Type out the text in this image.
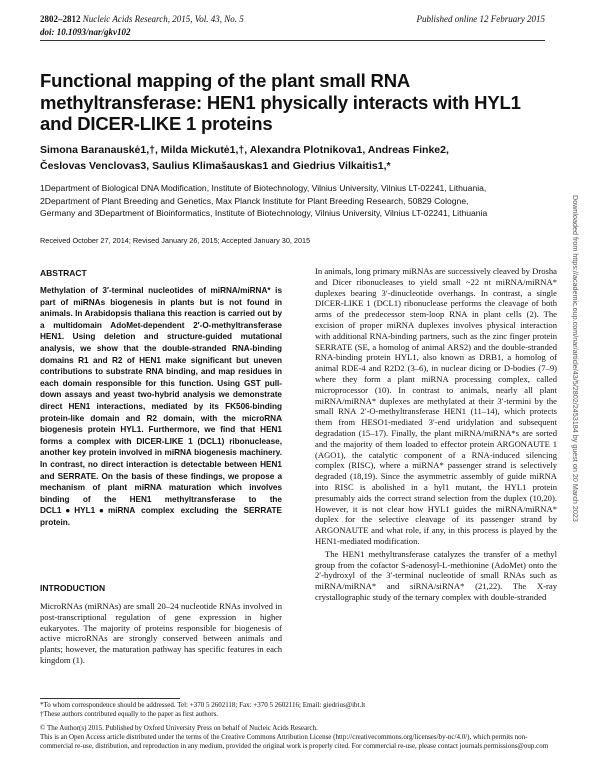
2802–2812 Nucleic Acids Research, 2015, Vol. 43, No. 5	Published online 12 February 2015
doi: 10.1093/nar/gkv102
Functional mapping of the plant small RNA methyltransferase: HEN1 physically interacts with HYL1 and DICER-LIKE 1 proteins
Simona Baranauskė1,†, Milda Mickutė1,†, Alexandra Plotnikova1, Andreas Finke2,
Česlovas Venclovas3, Saulius Klimašauskas1 and Giedrius Vilkaitis1,*
1Department of Biological DNA Modification, Institute of Biotechnology, Vilnius University, Vilnius LT-02241, Lithuania,
2Department of Plant Breeding and Genetics, Max Planck Institute for Plant Breeding Research, 50829 Cologne,
Germany and 3Department of Bioinformatics, Institute of Biotechnology, Vilnius University, Vilnius LT-02241, Lithuania
Received October 27, 2014; Revised January 26, 2015; Accepted January 30, 2015
ABSTRACT

Methylation of 3′-terminal nucleotides of miRNA/miRNA* is part of miRNAs biogenesis in plants but is not found in animals. In Arabidopsis thaliana this reaction is carried out by a multidomain AdoMet-dependent 2′-O-methyltransferase HEN1. Using deletion and structure-guided mutational analysis, we show that the double-stranded RNA-binding domains R1 and R2 of HEN1 make significant but uneven contributions to substrate RNA binding, and map residues in each domain responsible for this function. Using GST pull-down assays and yeast two-hybrid analysis we demonstrate direct HEN1 interactions, mediated by its FK506-binding protein-like domain and R2 domain, with the microRNA biogenesis protein HYL1. Furthermore, we find that HEN1 forms a complex with DICER-LIKE 1 (DCL1) ribonuclease, another key protein involved in miRNA biogenesis machinery. In contrast, no direct interaction is detectable between HEN1 and SERRATE. On the basis of these findings, we propose a mechanism of plant miRNA maturation which involves binding of the HEN1 methyltransferase to the DCL1●HYL1●miRNA complex excluding the SERRATE protein.

INTRODUCTION

MicroRNAs (miRNAs) are small 20–24 nucleotide RNAs involved in post-transcriptional regulation of gene expression in higher eukaryotes. The majority of proteins responsible for biogenesis of active microRNAs are strongly conserved between animals and plants; however, the maturation pathway has specific features in each kingdom (1).

In animals, long primary miRNAs are successively cleaved by Drosha and Dicer ribonucleases to yield small ~22 nt miRNA/miRNA* duplexes bearing 3′-dinucleotide overhangs. In contrast, a single DICER-LIKE 1 (DCL1) ribonuclease performs the cleavage of both arms of the predecessor stem-loop RNA in plant cells (2). The excision of proper miRNA duplexes involves physical interaction with additional RNA-binding partners, such as the zinc finger protein SERRATE (SE, a homolog of animal ARS2) and the double-stranded RNA-binding protein HYL1, also known as DRB1, a homolog of animal RDE-4 and R2D2 (3–6), in nuclear dicing or D-bodies (7–9) where they form a plant miRNA processing complex, called microprocessor (10). In contrast to animals, nearly all plant miRNA/miRNA* duplexes are methylated at their 3′-termini by the small RNA 2′-O-methyltransferase HEN1 (11–14), which protects them from HESO1-mediated 3′-end uridylation and subsequent degradation (15–17). Finally, the plant miRNA/miRNA*s are sorted and the majority of them loaded to effector protein ARGONAUTE 1 (AGO1), the catalytic component of a RNA-induced silencing complex (RISC), where a miRNA* passenger strand is selectively degraded (18,19). Since the asymmetric assembly of guide miRNA into RISC is abolished in a hyl1 mutant, the HYL1 protein presumably aids the correct strand selection from the duplex (10,20). However, it is not clear how HYL1 guides the miRNA/miRNA* duplex for the selective cleavage of its passenger strand by ARGONAUTE and what role, if any, in this process is played by the HEN1-mediated modification.

The HEN1 methyltransferase catalyzes the transfer of a methyl group from the cofactor S-adenosyl-L-methionine (AdoMet) onto the 2′-hydroxyl of the 3′-terminal nucleotide of small RNAs such as miRNA/miRNA* and siRNA/siRNA* (21,22). The X-ray crystallographic study of the ternary complex with double-stranded

*To whom correspondence should be addressed. Tel: +370 5 2602118; Fax: +370 5 2602116; Email: giedrius@ibt.lt
†These authors contributed equally to the paper as first authors.
© The Author(s) 2015. Published by Oxford University Press on behalf of Nucleic Acids Research.
This is an Open Access article distributed under the terms of the Creative Commons Attribution License (http://creativecommons.org/licenses/by-nc/4.0/), which permits non-commercial re-use, distribution, and reproduction in any medium, provided the original work is properly cited. For commercial re-use, please contact journals.permissions@oup.com
Downloaded from https://academic.oup.com/nar/article/43/5/2802/2453184 by guest on 20 March 2023
